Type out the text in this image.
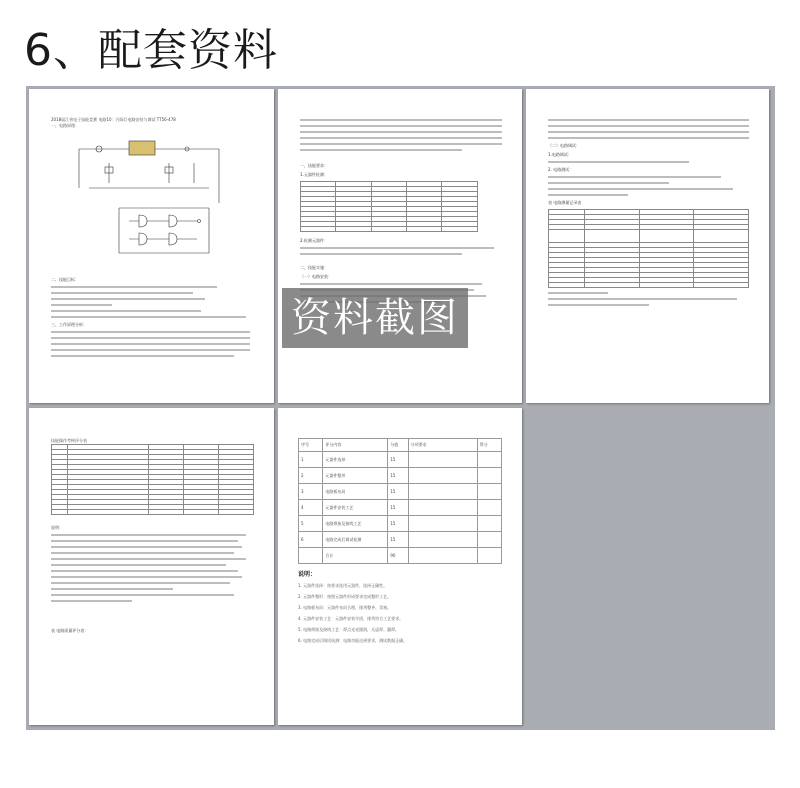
6、配套资料
2018届江省电子技能竞赛 电路10：闪烁灯电路安装与调试 TT56-478
一、电路原理：
二、技能目标：
三、工作原理分析：
一、技能要求：
1.元器件检测：

2.检测元器件：
二、技能实施：
（一）电路安装：
（二）电路调试：
1.电路调试：
2. 电路测试：
表 电路测量记录表

技能操作考核评分表

说明：
表 电路质量评分表：
序号	评分内容	分值	分项要求	得分
1	元器件选择	15		
2	元器件整形	15		
3	电路板布局	15		
4	元器件安装工艺	15		
5	电路焊接及接线工艺	15		
6	电路完成后调试检测	15		
	合计	90		
说明：
1. 元器件选择：按要求选用元器件，选择正确性。
2. 元器件整形：按照元器件形成要求完成整形工艺。
3. 电路板布局：元器件布局合理，排列整齐、美观。
4. 元器件安装工艺：元器件安装牢固，排列符合工艺要求。
5. 电路焊接及接线工艺：焊点光亮圆润，无虚焊、漏焊。
6. 电路完成后调试检测：电路功能达到要求，测试数据正确。
资料截图
